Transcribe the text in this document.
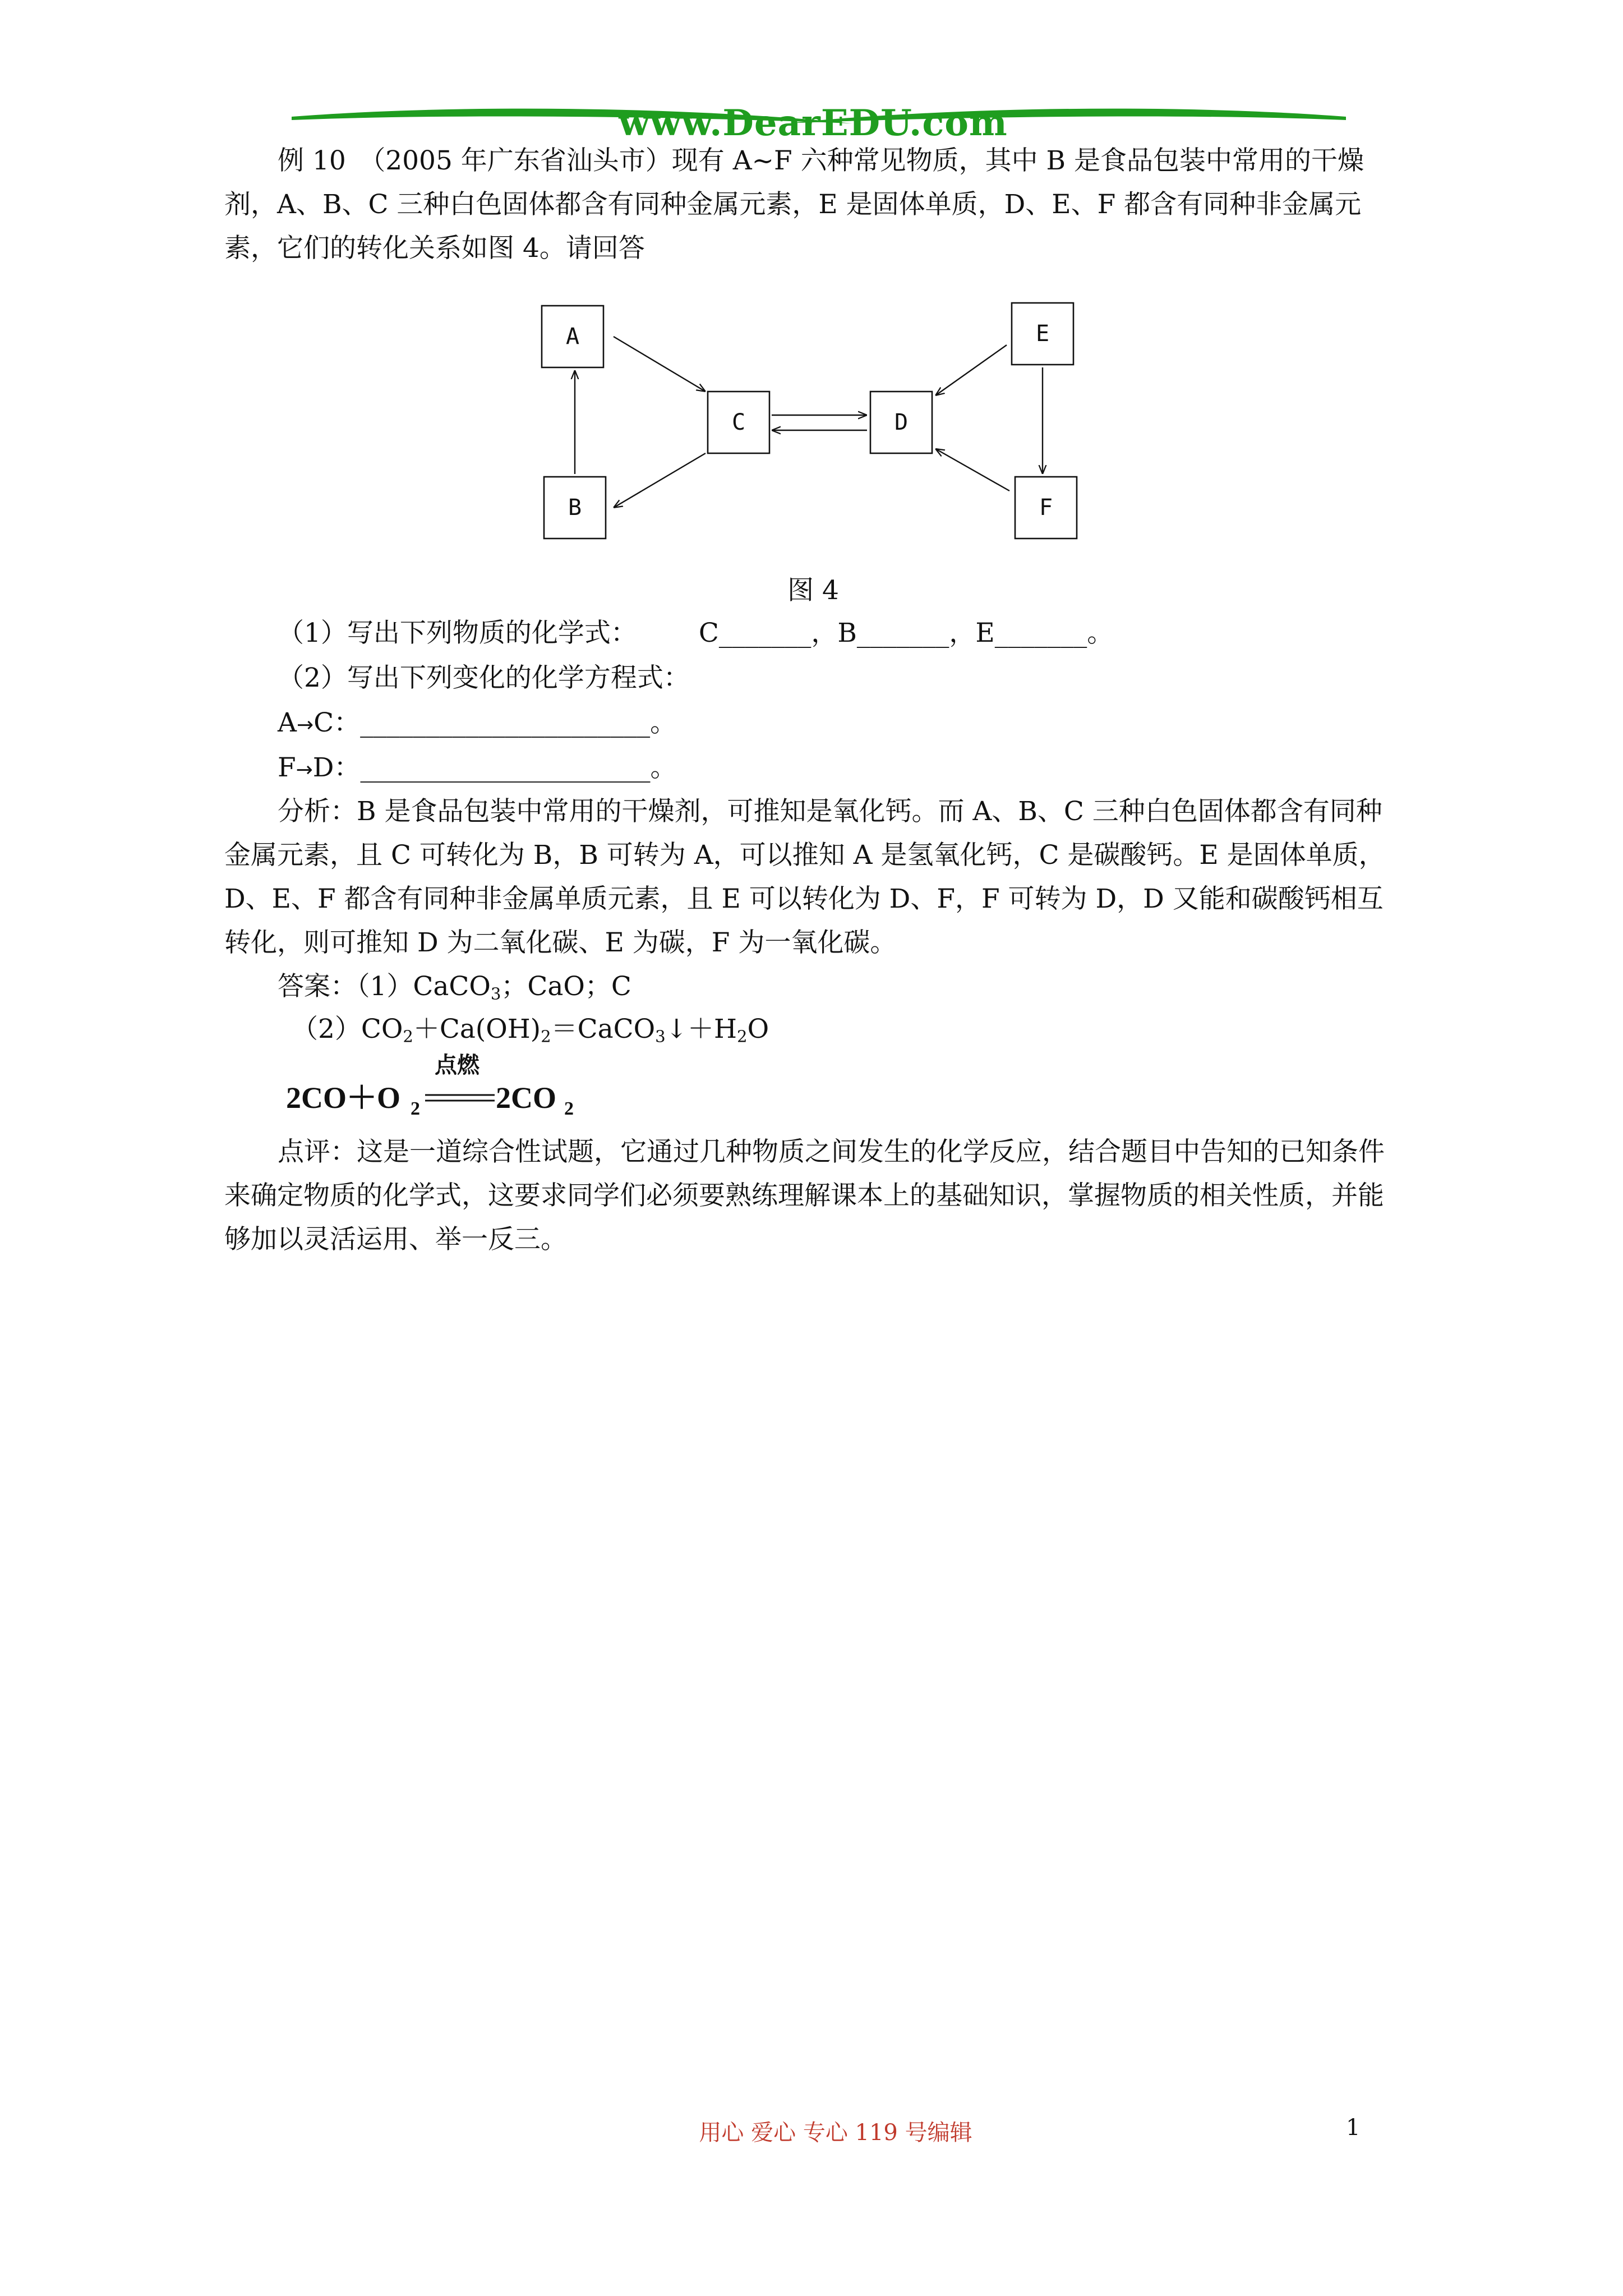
www.DearEDU.com

例 10　（2005 年广东省汕头市）现有 A~F 六种常见物质，其中 B 是食品包装中常用的干燥剂，A、B、C 三种白色固体都含有同种金属元素，E 是固体单质，D、E、F 都含有同种非金属元素，它们的转化关系如图 4。请回答

A
B
C	D
E
F
图 4

（1）写出下列物质的化学式： C_______，B_______，E_______。

（2）写出下列变化的化学方程式：

A→C：______________________。

F→D：______________________。

分析：B 是食品包装中常用的干燥剂，可推知是氧化钙。而 A、B、C 三种白色固体都含有同种金属元素，且 C 可转化为 B，B 可转为 A，可以推知 A 是氢氧化钙，C 是碳酸钙。E 是固体单质，D、E、F 都含有同种非金属单质元素，且 E 可以转化为 D、F，F 可转为 D，D 又能和碳酸钙相互转化，则可推知 D 为二氧化碳、E 为碳，F 为一氧化碳。

答案：（1）CaCO$_3$；CaO；C

$(2)CO_2+Ca(OH)_2=CaCO_3↓+H_2O$

点燃
2CO＋O 2	2CO 2

点评：这是一道综合性试题，它通过几种物质之间发生的化学反应，结合题目中告知的已知条件来确定物质的化学式，这要求同学们必须要熟练理解课本上的基础知识，掌握物质的相关性质，并能够加以灵活运用、举一反三。

用心 爱心 专心 119 号编辑	1
